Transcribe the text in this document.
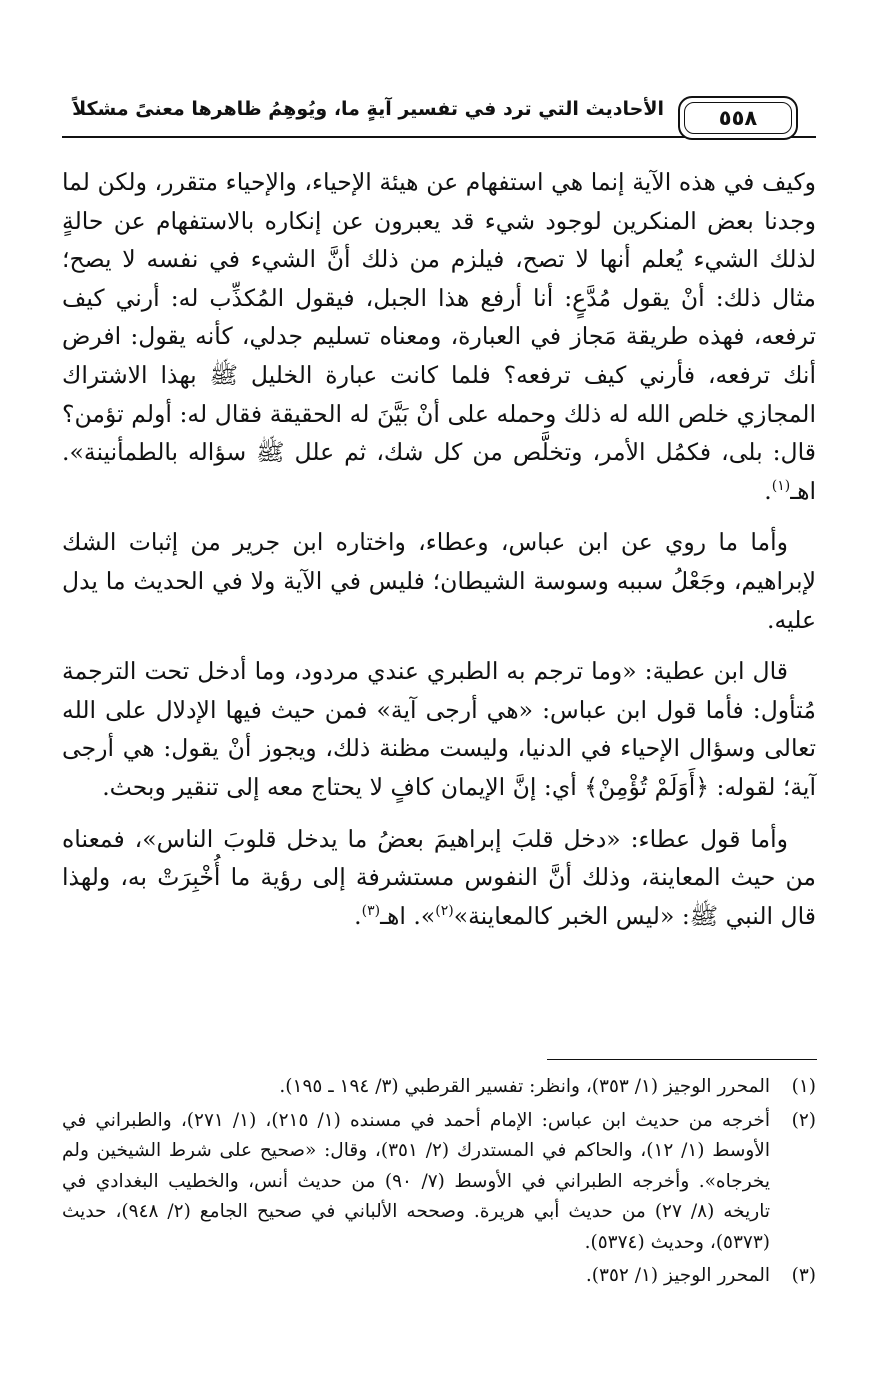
الأحاديث التي ترد في تفسير آيةٍ ما، ويُوهِمُ ظاهرها معنىً مشكلاً	٥٥٨

وكيف في هذه الآية إنما هي استفهام عن هيئة الإحياء، والإحياء متقرر، ولكن لما وجدنا بعض المنكرين لوجود شيء قد يعبرون عن إنكاره بالاستفهام عن حالةٍ لذلك الشيء يُعلم أنها لا تصح، فيلزم من ذلك أنَّ الشيء في نفسه لا يصح؛ مثال ذلك: أنْ يقول مُدَّعٍ: أنا أرفع هذا الجبل، فيقول المُكذِّب له: أرني كيف ترفعه، فهذه طريقة مَجاز في العبارة، ومعناه تسليم جدلي، كأنه يقول: افرض أنك ترفعه، فأرني كيف ترفعه؟ فلما كانت عبارة الخليل ﷺ بهذا الاشتراك المجازي خلص الله له ذلك وحمله على أنْ بَيَّنَ له الحقيقة فقال له: أولم تؤمن؟ قال: بلى، فكمُل الأمر، وتخلَّص من كل شك، ثم علل ﷺ سؤاله بالطمأنينة». اهـ$^{(١)}$.

وأما ما روي عن ابن عباس، وعطاء، واختاره ابن جرير من إثبات الشك لإبراهيم، وجَعْلُ سببه وسوسة الشيطان؛ فليس في الآية ولا في الحديث ما يدل عليه.

قال ابن عطية: «وما ترجم به الطبري عندي مردود، وما أدخل تحت الترجمة مُتأول: فأما قول ابن عباس: «هي أرجى آية» فمن حيث فيها الإدلال على الله تعالى وسؤال الإحياء في الدنيا، وليست مظنة ذلك، ويجوز أنْ يقول: هي أرجى آية؛ لقوله: ﴿أَوَلَمْ تُؤْمِنْ﴾ أي: إنَّ الإيمان كافٍ لا يحتاج معه إلى تنقير وبحث.

وأما قول عطاء: «دخل قلبَ إبراهيمَ بعضُ ما يدخل قلوبَ الناس»، فمعناه من حيث المعاينة، وذلك أنَّ النفوس مستشرفة إلى رؤية ما أُخْبِرَتْ به، ولهذا قال النبي ﷺ: «ليس الخبر كالمعاينة»$^{(٢)}$». اهـ$^{(٣)}$.

(١)
المحرر الوجيز (١/ ٣٥٣)، وانظر: تفسير القرطبي (٣/ ١٩٤ ـ ١٩٥).
(٢)
أخرجه من حديث ابن عباس: الإمام أحمد في مسنده (١/ ٢١٥)، (١/ ٢٧١)، والطبراني في الأوسط (١/ ١٢)، والحاكم في المستدرك (٢/ ٣٥١)، وقال: «صحيح على شرط الشيخين ولم يخرجاه». وأخرجه الطبراني في الأوسط (٧/ ٩٠) من حديث أنس، والخطيب البغدادي في تاريخه (٨/ ٢٧) من حديث أبي هريرة. وصححه الألباني في صحيح الجامع (٢/ ٩٤٨)، حديث (٥٣٧٣)، وحديث (٥٣٧٤).
(٣)
المحرر الوجيز (١/ ٣٥٢).
